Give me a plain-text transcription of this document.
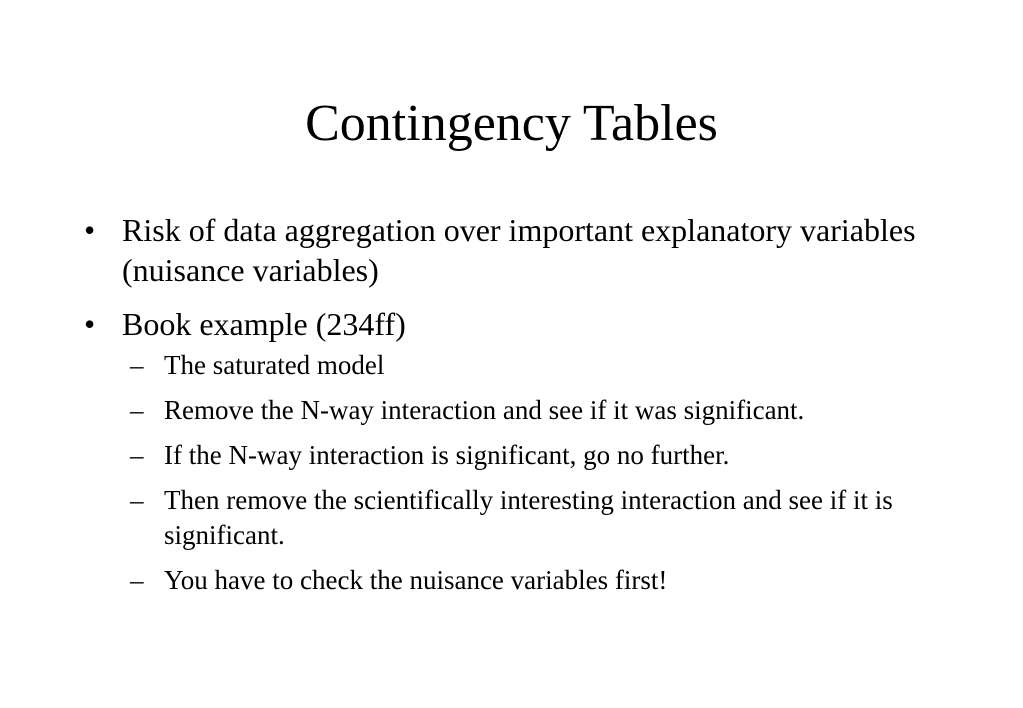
Contingency Tables
• Risk of data aggregation over important explanatory variables (nuisance variables)
• Book example (234ff)
– The saturated model
– Remove the N-way interaction and see if it was significant.
– If the N-way interaction is significant, go no further.
– Then remove the scientifically interesting interaction and see if it is significant.
– You have to check the nuisance variables first!
